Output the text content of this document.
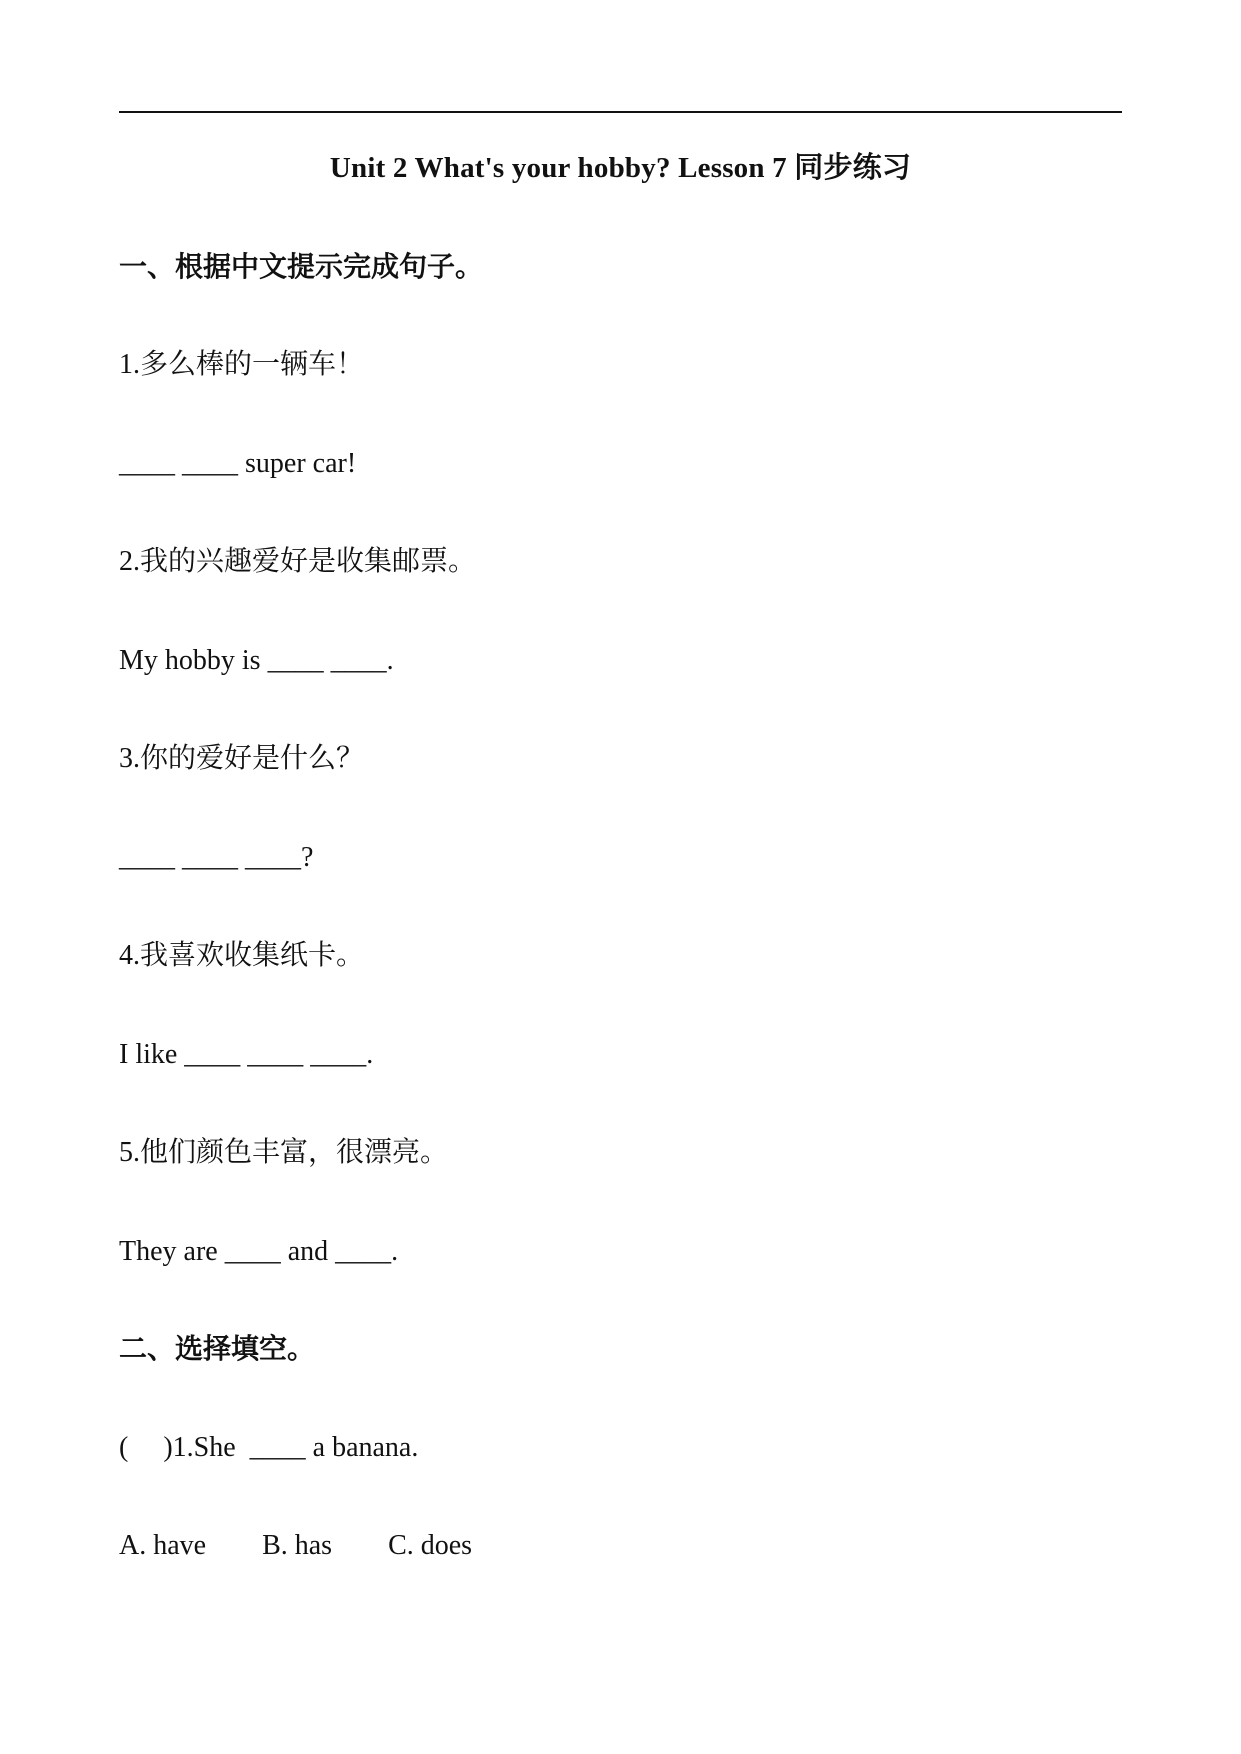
Unit 2 What's your hobby? Lesson 7 同步练习
一、根据中文提示完成句子。
1.多么棒的一辆车！
____ ____ super car!
2.我的兴趣爱好是收集邮票。
My hobby is ____ ____.
3.你的爱好是什么？
____ ____ ____?
4.我喜欢收集纸卡。
I like ____ ____ ____.
5.他们颜色丰富，很漂亮。
They are ____ and ____.
二、选择填空。
(     )1.She  ____ a banana.
A. have        B. has        C. does
